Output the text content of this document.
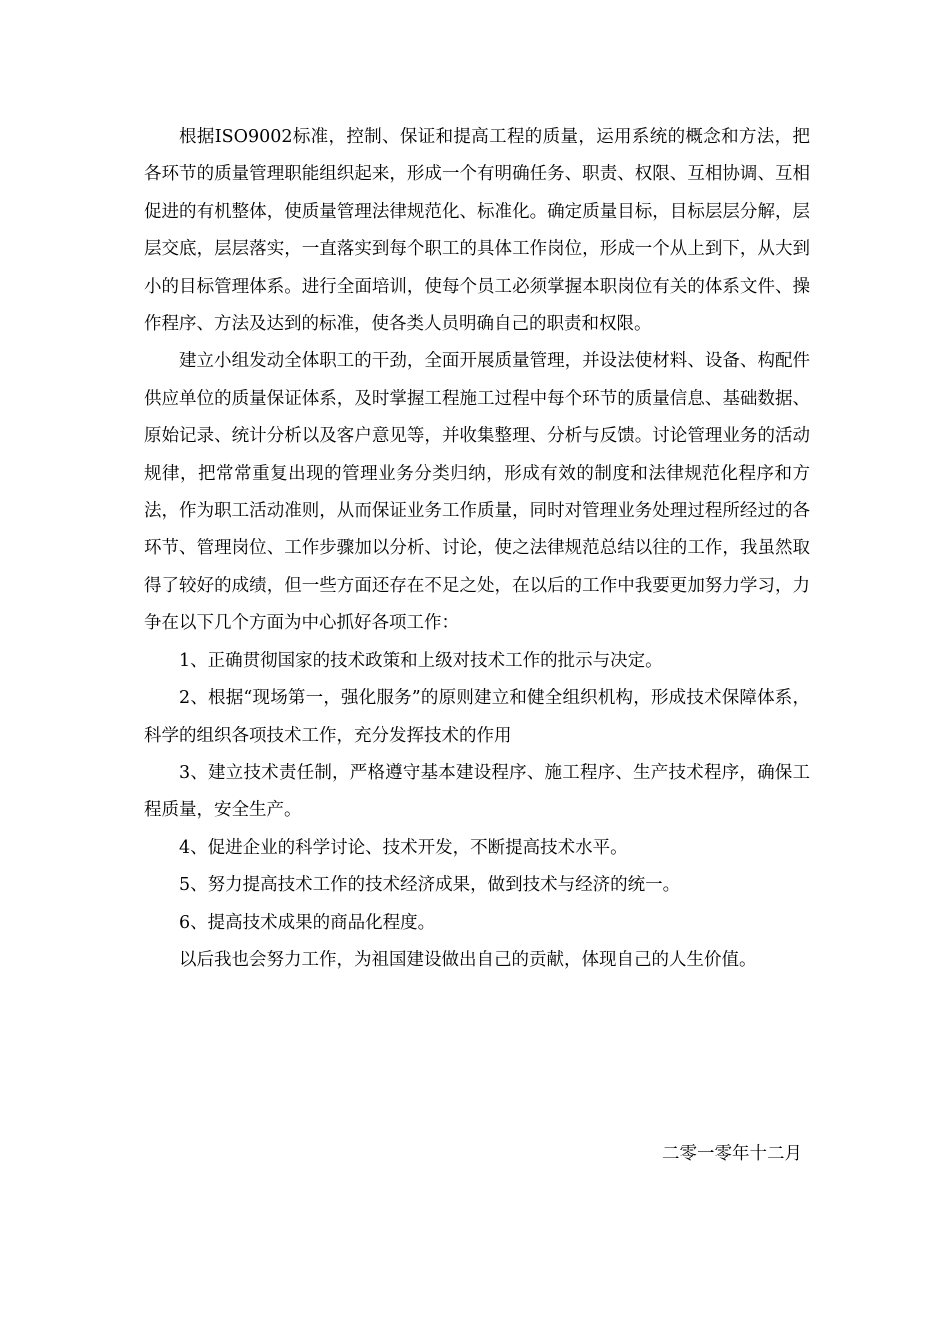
根据ISO9002标准，控制、保证和提高工程的质量，运用系统的概念和方法，把各环节的质量管理职能组织起来，形成一个有明确任务、职责、权限、互相协调、互相促进的有机整体，使质量管理法律规范化、标准化。确定质量目标，目标层层分解，层层交底，层层落实，一直落实到每个职工的具体工作岗位，形成一个从上到下，从大到小的目标管理体系。进行全面培训，使每个员工必须掌握本职岗位有关的体系文件、操作程序、方法及达到的标准，使各类人员明确自己的职责和权限。

建立小组发动全体职工的干劲，全面开展质量管理，并设法使材料、设备、构配件供应单位的质量保证体系，及时掌握工程施工过程中每个环节的质量信息、基础数据、原始记录、统计分析以及客户意见等，并收集整理、分析与反馈。讨论管理业务的活动规律，把常常重复出现的管理业务分类归纳，形成有效的制度和法律规范化程序和方法，作为职工活动准则，从而保证业务工作质量，同时对管理业务处理过程所经过的各环节、管理岗位、工作步骤加以分析、讨论，使之法律规范总结以往的工作，我虽然取得了较好的成绩，但一些方面还存在不足之处，在以后的工作中我要更加努力学习，力争在以下几个方面为中心抓好各项工作：

1、正确贯彻国家的技术政策和上级对技术工作的批示与决定。

2、根据“现场第一，强化服务”的原则建立和健全组织机构，形成技术保障体系，科学的组织各项技术工作，充分发挥技术的作用

3、建立技术责任制，严格遵守基本建设程序、施工程序、生产技术程序，确保工程质量，安全生产。

4、促进企业的科学讨论、技术开发，不断提高技术水平。

5、努力提高技术工作的技术经济成果，做到技术与经济的统一。

6、提高技术成果的商品化程度。

以后我也会努力工作，为祖国建设做出自己的贡献，体现自己的人生价值。

二零一零年十二月
